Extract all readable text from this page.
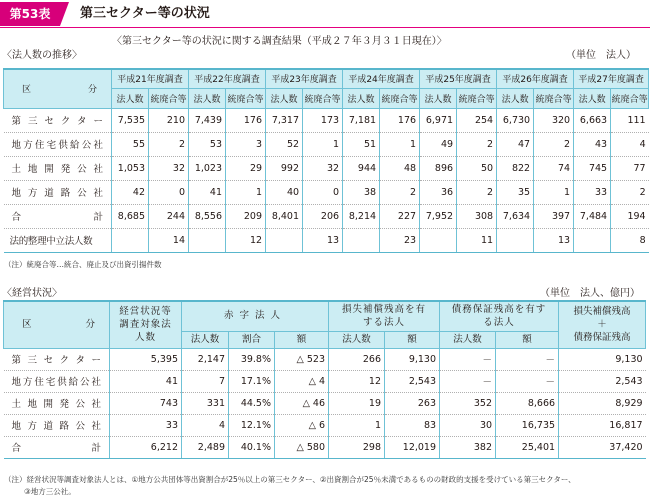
第53表	第三セクター等の状況
〈第三セクター等の状況に関する調査結果（平成２７年３月３１日現在）〉
〈法人数の推移〉	（単位　法人）
区　　分	平成21年度調査		平成22年度調査		平成23年度調査		平成24年度調査		平成25年度調査		平成26年度調査		平成27年度調査	
	法人数	統廃合等	法人数	統廃合等	法人数	統廃合等	法人数	統廃合等	法人数	統廃合等	法人数	統廃合等	法人数	統廃合等
第三セクター	7,535	210	7,439	176	7,317	173	7,181	176	6,971	254	6,730	320	6,663	111
地方住宅供給公社	55	2	53	3	52	1	51	1	49	2	47	2	43	4
土地開発公社	1,053	32	1,023	29	992	32	944	48	896	50	822	74	745	77
地方道路公社	42	0	41	1	40	0	38	2	36	2	35	1	33	2
合　　計	8,685	244	8,556	209	8,401	206	8,214	227	7,952	308	7,634	397	7,484	194
法的整理中立法人数		14		12		13		23		11		13		8
（注）統廃合等…統合、廃止及び出資引揚件数
〈経営状況〉	（単位　法人、億円）
区　　分	経営状況等調査対象法人数	赤字法人			損失補償残高を有する法人		債務保証残高を有する法人		損失補償残高
＋
債務保証残高

		法人数	割合	額	法人数	額	法人数	額	
第三セクター	5,395	2,147	39.8%	△ 523	266	9,130	－	－	9,130
地方住宅供給公社	41	7	17.1%	△ 4	12	2,543	－	－	2,543
土地開発公社	743	331	44.5%	△ 46	19	263	352	8,666	8,929
地方道路公社	33	4	12.1%	△ 6	1	83	30	16,735	16,817
合　　計	6,212	2,489	40.1%	△ 580	298	12,019	382	25,401	37,420
（注）経営状況等調査対象法人とは、①地方公共団体等出資割合が25％以上の第三セクター、②出資割合が25％未満であるものの財政的支援を受けている第三セクター、
③地方三公社。
